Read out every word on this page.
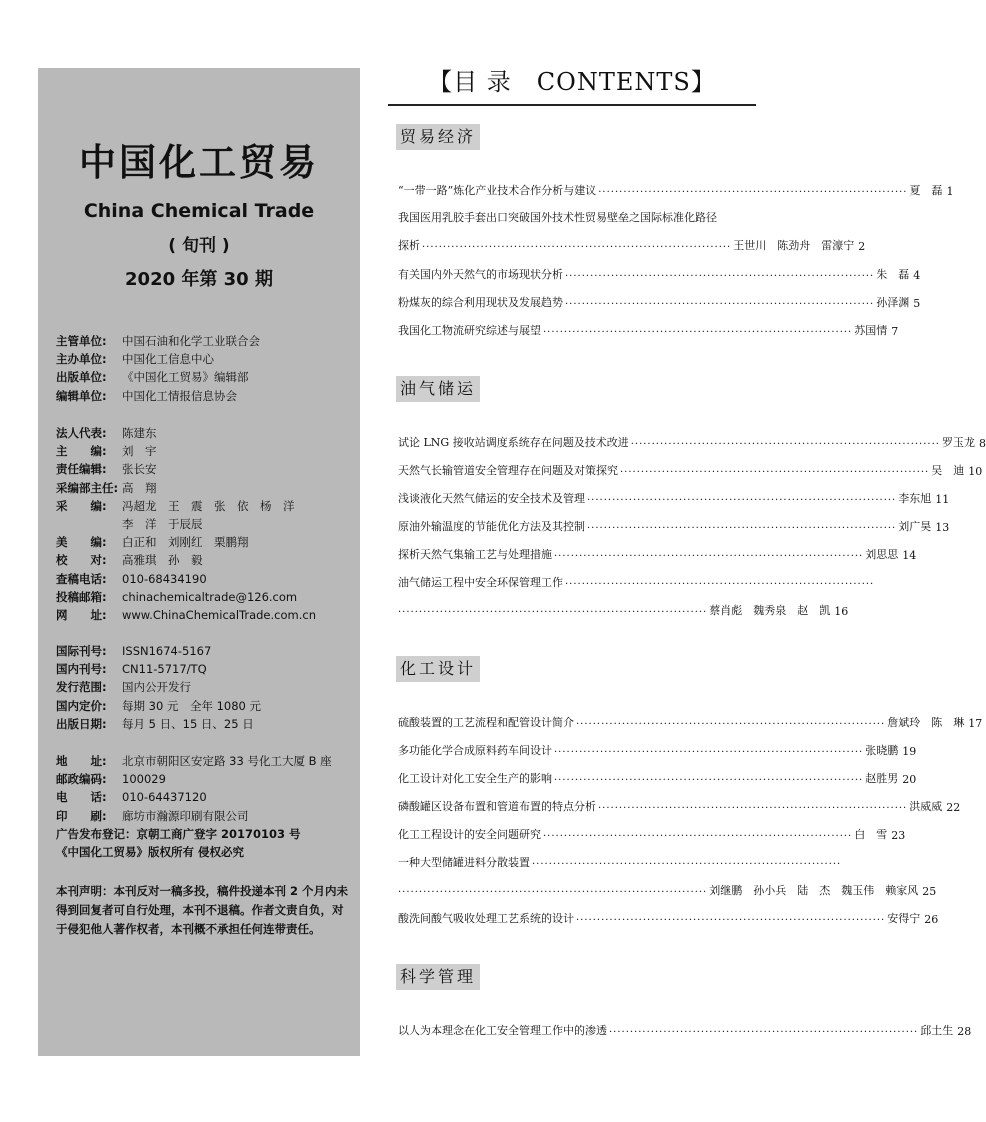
中国化工贸易
China Chemical Trade
( 旬刊 )
2020 年第 30 期
主管单位:	中国石油和化学工业联合会
主办单位:	中国化工信息中心
出版单位:	《中国化工贸易》编辑部
编辑单位:	中国化工情报信息协会
法人代表:	陈建东
主　　编:	刘　宇
责任编辑:	张长安
采编部主任: 高　翔
采　　编:	冯超龙　王　震　张　依　杨　洋
李　洋　于辰辰
美　　编:	白正和　刘刚红　栗鹏翔
校　　对:	高雅琪　孙　毅
查稿电话:	010-68434190
投稿邮箱:	chinachemicaltrade@126.com
网　　址:	www.ChinaChemicalTrade.com.cn
国际刊号:	ISSN1674-5167
国内刊号:	CN11-5717/TQ
发行范围:	国内公开发行
国内定价:	每期 30 元　全年 1080 元
出版日期:	每月 5 日、15 日、25 日
地　　址:	北京市朝阳区安定路 33 号化工大厦 B 座
邮政编码:	100029
电　　话:	010-64437120
印　　刷:	廊坊市瀚源印刷有限公司
广告发布登记：京朝工商广登字 20170103 号
《中国化工贸易》版权所有 侵权必究
本刊声明：本刊反对一稿多投，稿件投递本刊 2 个月内未得到回复者可自行处理，本刊不退稿。作者文责自负，对于侵犯他人著作权者，本刊概不承担任何连带责任。
【目 录　CONTENTS】
贸易经济
“一带一路”炼化产业技术合作分析与建议 ·········································································· 夏　磊 1
我国医用乳胶手套出口突破国外技术性贸易壁垒之国际标准化路径
探析 ·········································································· 王世川　陈劲舟　雷濠宁 2
有关国内外天然气的市场现状分析 ·········································································· 朱　磊 4
粉煤灰的综合利用现状及发展趋势 ·········································································· 孙泽渊 5
我国化工物流研究综述与展望 ·········································································· 苏国情 7
油气储运
试论 LNG 接收站调度系统存在问题及技术改进 ·········································································· 罗玉龙 8
天然气长输管道安全管理存在问题及对策探究 ·········································································· 吴　迪 10
浅谈液化天然气储运的安全技术及管理 ·········································································· 李东旭 11
原油外输温度的节能优化方法及其控制 ·········································································· 刘广昊 13
探析天然气集输工艺与处理措施 ·········································································· 刘思思 14
油气储运工程中安全环保管理工作 ··········································································
·········································································· 蔡肖彪　魏秀泉　赵　凯 16
化工设计
硫酸装置的工艺流程和配管设计简介 ·········································································· 詹斌玲　陈　琳 17
多功能化学合成原料药车间设计 ·········································································· 张晓鹏 19
化工设计对化工安全生产的影响 ·········································································· 赵胜男 20
磷酸罐区设备布置和管道布置的特点分析 ·········································································· 洪威威 22
化工工程设计的安全问题研究 ·········································································· 白　雪 23
一种大型储罐进料分散装置 ··········································································
·········································································· 刘继鹏　孙小兵　陆　杰　魏玉伟　赖家风 25
酸洗间酸气吸收处理工艺系统的设计 ·········································································· 安得宁 26
科学管理
以人为本理念在化工安全管理工作中的渗透 ·········································································· 邱土生 28
